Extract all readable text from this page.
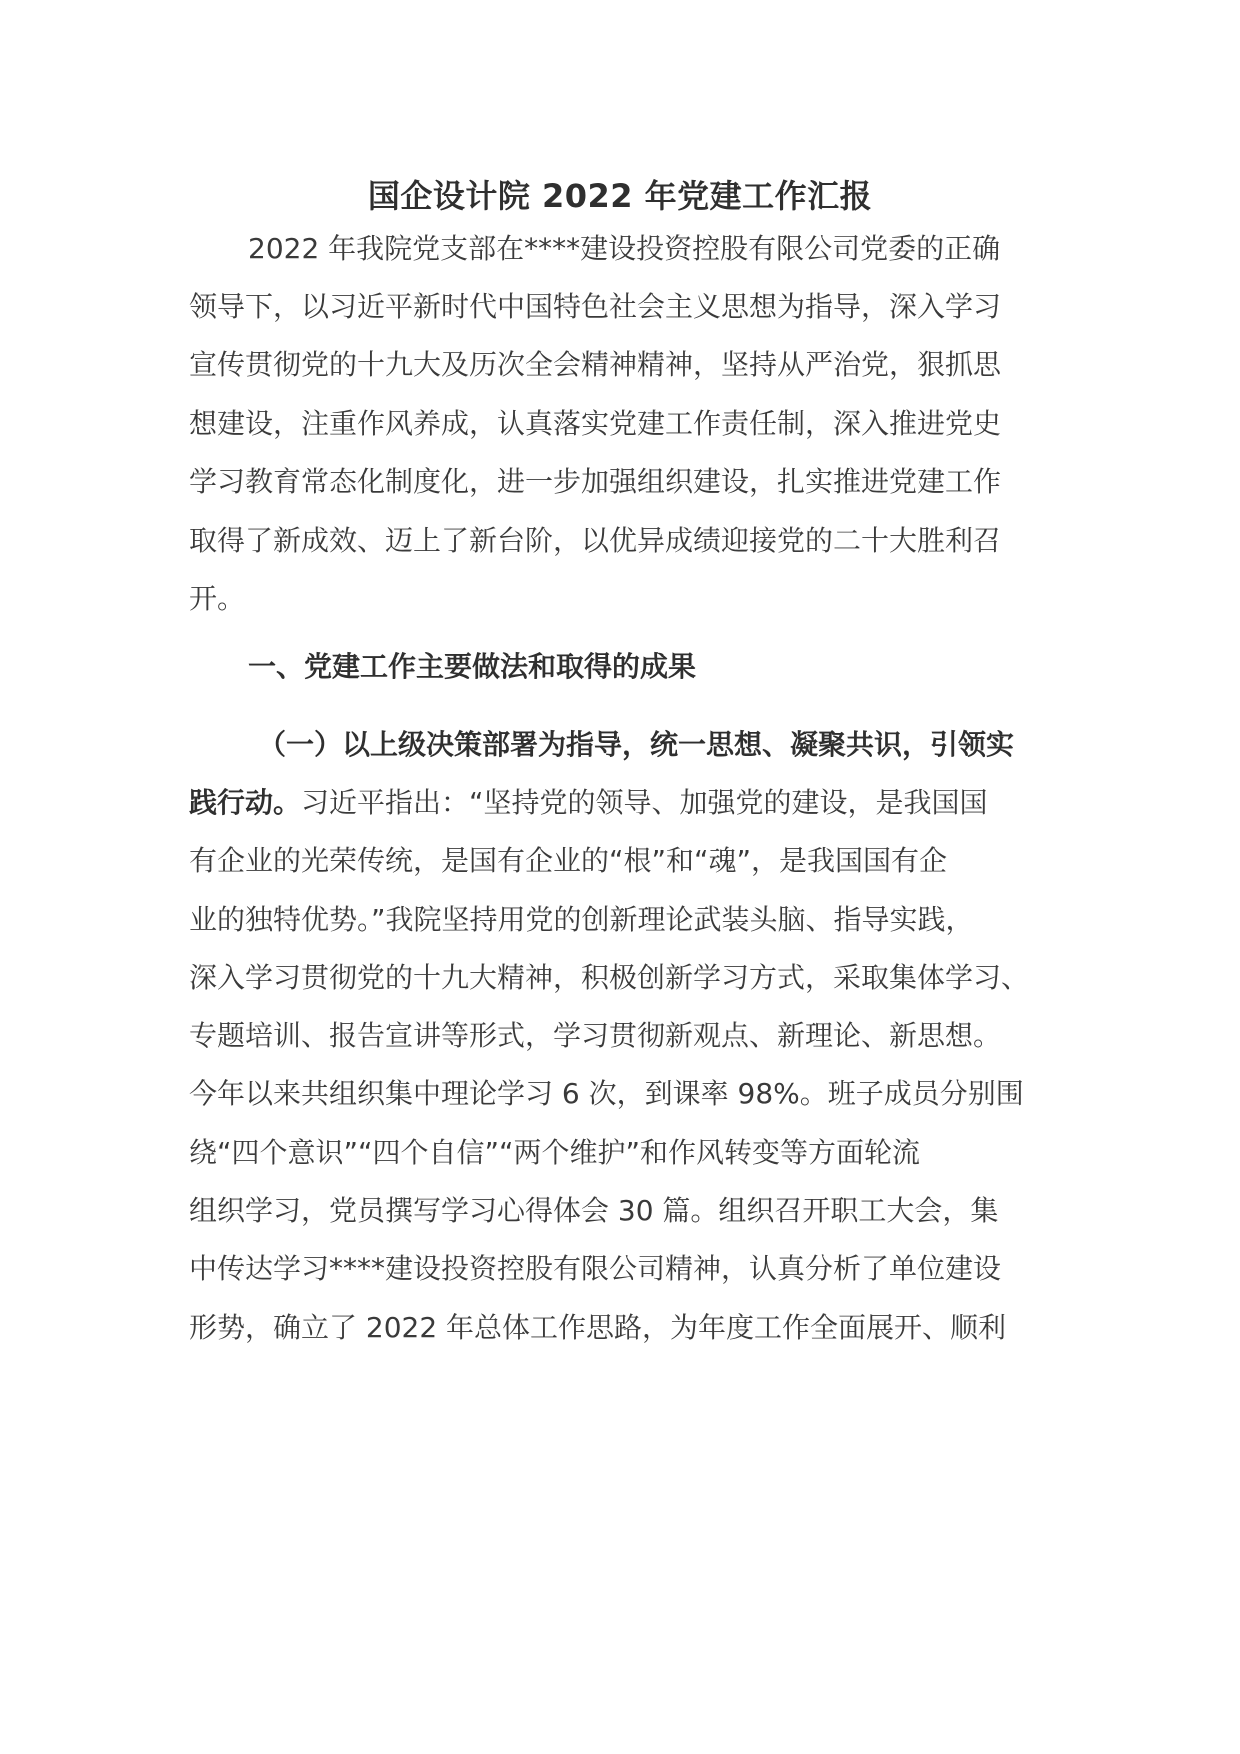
国企设计院 2022 年党建工作汇报
2022 年我院党支部在****建设投资控股有限公司党委的正确
领导下，以习近平新时代中国特色社会主义思想为指导，深入学习
宣传贯彻党的十九大及历次全会精神精神，坚持从严治党，狠抓思
想建设，注重作风养成，认真落实党建工作责任制，深入推进党史
学习教育常态化制度化，进一步加强组织建设，扎实推进党建工作
取得了新成效、迈上了新台阶，以优异成绩迎接党的二十大胜利召
开。
一、党建工作主要做法和取得的成果
（一）以上级决策部署为指导，统一思想、凝聚共识，引领实
践行动。习近平指出：“坚持党的领导、加强党的建设，是我国国
有企业的光荣传统，是国有企业的“根”和“魂”，是我国国有企
业的独特优势。”我院坚持用党的创新理论武装头脑、指导实践，
深入学习贯彻党的十九大精神，积极创新学习方式，采取集体学习、
专题培训、报告宣讲等形式，学习贯彻新观点、新理论、新思想。
今年以来共组织集中理论学习 6 次，到课率 98%。班子成员分别围
绕“四个意识”“四个自信”“两个维护”和作风转变等方面轮流
组织学习，党员撰写学习心得体会 30 篇。组织召开职工大会，集
中传达学习****建设投资控股有限公司精神，认真分析了单位建设
形势，确立了 2022 年总体工作思路，为年度工作全面展开、顺利
